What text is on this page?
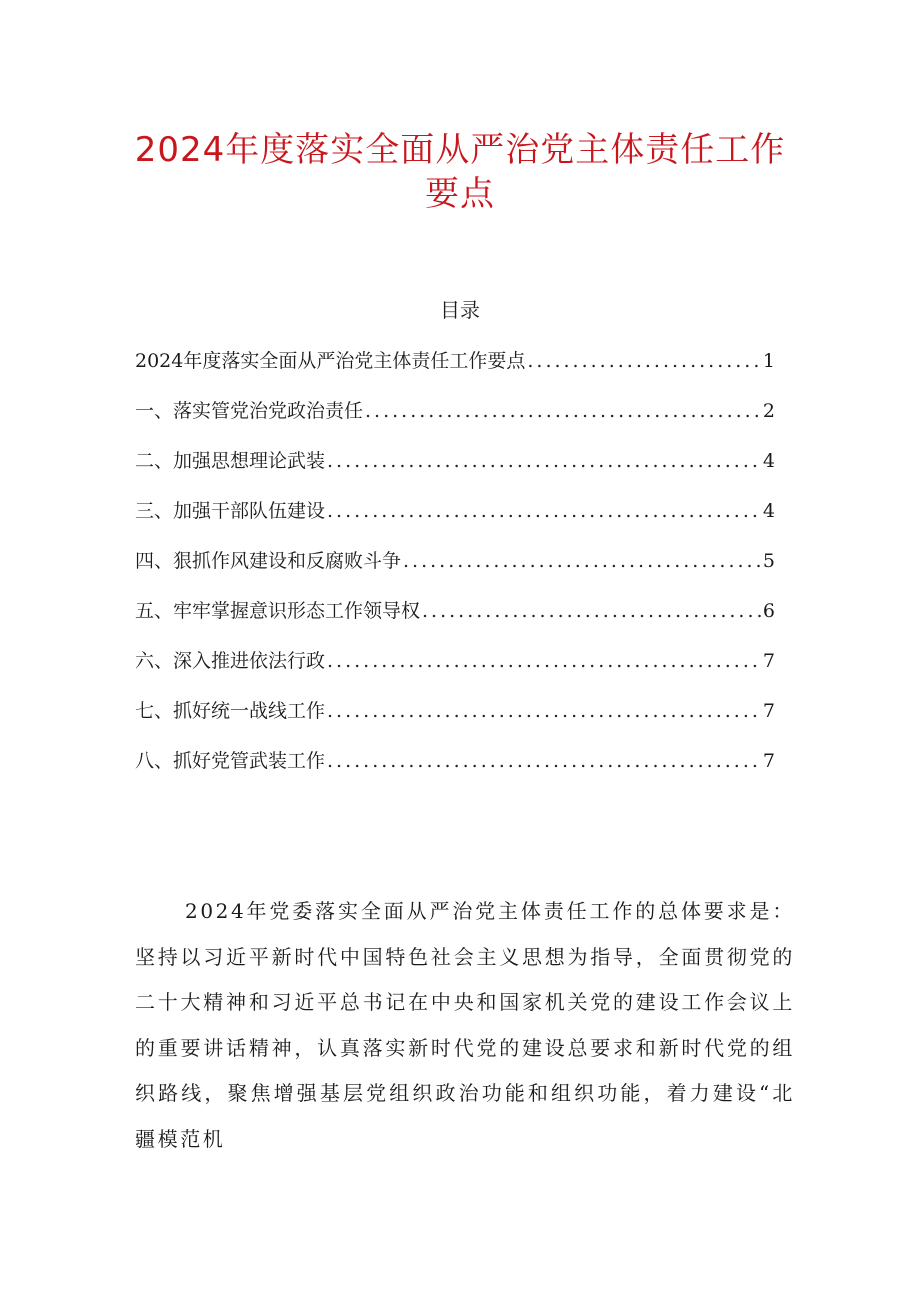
2024年度落实全面从严治党主体责任工作
要点
目录
2024年度落实全面从严治党主体责任工作要点 .....	1
一、落实管党治党政治责任 .....	2
二、加强思想理论武装 .....	4
三、加强干部队伍建设 .....	4
四、狠抓作风建设和反腐败斗争 .....	5
五、牢牢掌握意识形态工作领导权 .....	6
六、深入推进依法行政 .....	7
七、抓好统一战线工作 .....	7
八、抓好党管武装工作 .....	7

2024年党委落实全面从严治党主体责任工作的总体要求是：坚持以习近平新时代中国特色社会主义思想为指导，全面贯彻党的二十大精神和习近平总书记在中央和国家机关党的建设工作会议上的重要讲话精神，认真落实新时代党的建设总要求和新时代党的组织路线，聚焦增强基层党组织政治功能和组织功能，着力建设“北疆模范机
